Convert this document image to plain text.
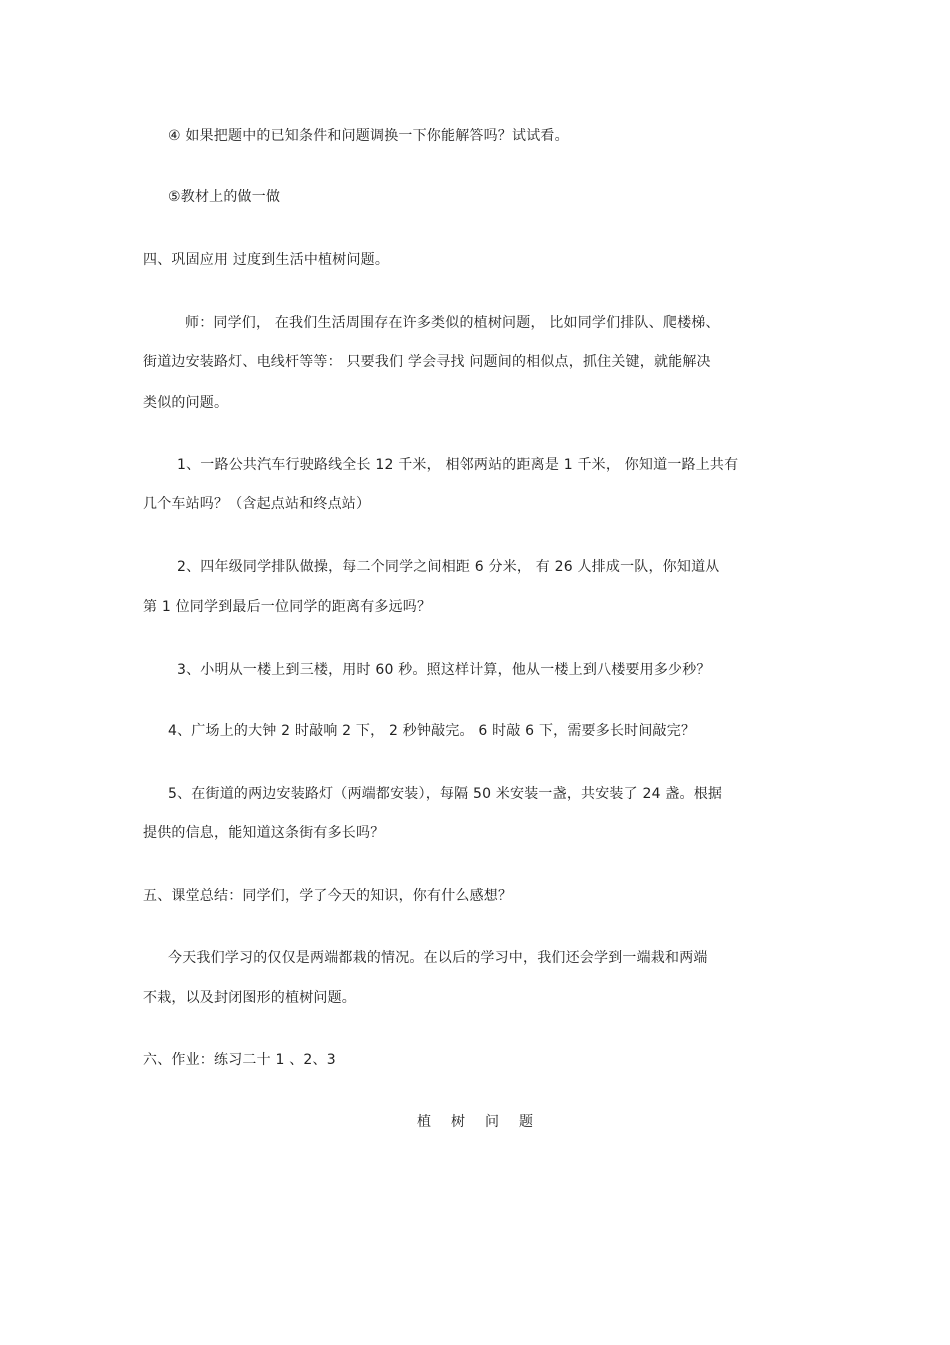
④ 如果把题中的已知条件和问题调换一下你能解答吗？试试看。
⑤教材上的做一做
四、巩固应用 过度到生活中植树问题。
师：同学们， 在我们生活周围存在许多类似的植树问题， 比如同学们排队、爬楼梯、
街道边安装路灯、电线杆等等： 只要我们 学会寻找 问题间的相似点，抓住关键，就能解决
类似的问题。
1、一路公共汽车行驶路线全长 12 千米， 相邻两站的距离是 1 千米， 你知道一路上共有
几个车站吗？（含起点站和终点站）
2、四年级同学排队做操，每二个同学之间相距 6 分米， 有 26 人排成一队，你知道从
第 1 位同学到最后一位同学的距离有多远吗？
3、小明从一楼上到三楼，用时 60 秒。照这样计算，他从一楼上到八楼要用多少秒？
4、广场上的大钟 2 时敲响 2 下， 2 秒钟敲完。 6 时敲 6 下，需要多长时间敲完？
5、在街道的两边安装路灯（两端都安装），每隔 50 米安装一盏，共安装了 24 盏。根据
提供的信息，能知道这条街有多长吗？
五、课堂总结：同学们，学了今天的知识，你有什么感想？
今天我们学习的仅仅是两端都栽的情况。在以后的学习中，我们还会学到一端栽和两端
不栽，以及封闭图形的植树问题。
六、作业：练习二十 1 、2、3
植 树 问 题
